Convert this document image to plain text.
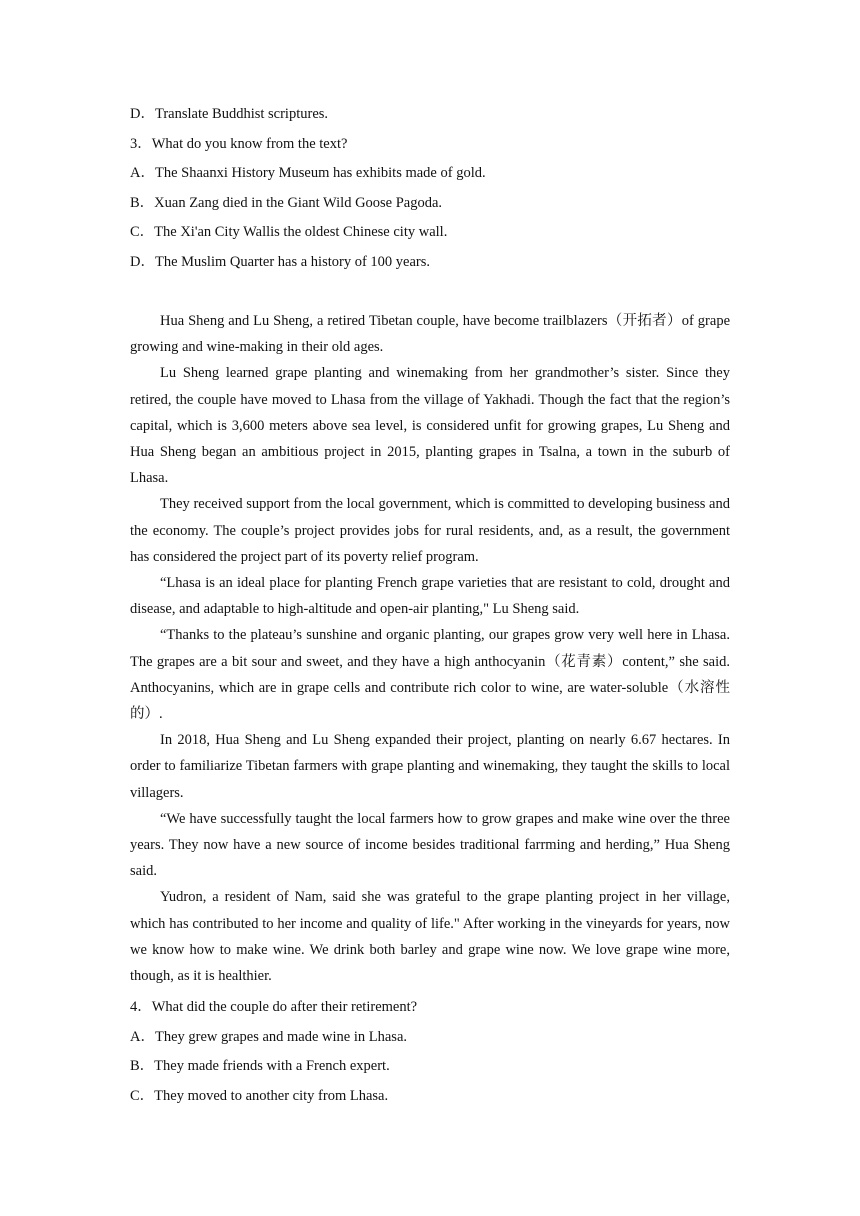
D．Translate Buddhist scriptures.
3．What do you know from the text?
A．The Shaanxi History Museum has exhibits made of gold.
B．Xuan Zang died in the Giant Wild Goose Pagoda.
C．The Xi'an City Wallis the oldest Chinese city wall.
D．The Muslim Quarter has a history of 100 years.

Hua Sheng and Lu Sheng, a retired Tibetan couple, have become trailblazers（开拓者）of grape growing and wine-making in their old ages.

Lu Sheng learned grape planting and winemaking from her grandmother’s sister. Since they retired, the couple have moved to Lhasa from the village of Yakhadi. Though the fact that the region’s capital, which is 3,600 meters above sea level, is considered unfit for growing grapes, Lu Sheng and Hua Sheng began an ambitious project in 2015, planting grapes in Tsalna, a town in the suburb of Lhasa.

They received support from the local government, which is committed to developing business and the economy. The couple’s project provides jobs for rural residents, and, as a result, the government has considered the project part of its poverty relief program.

“Lhasa is an ideal place for planting French grape varieties that are resistant to cold, drought and disease, and adaptable to high-altitude and open-air planting," Lu Sheng said.

“Thanks to the plateau’s sunshine and organic planting, our grapes grow very well here in Lhasa. The grapes are a bit sour and sweet, and they have a high anthocyanin（花青素）content,” she said. Anthocyanins, which are in grape cells and contribute rich color to wine, are water-soluble（水溶性的）.

In 2018, Hua Sheng and Lu Sheng expanded their project, planting on nearly 6.67 hectares. In order to familiarize Tibetan farmers with grape planting and winemaking, they taught the skills to local villagers.

“We have successfully taught the local farmers how to grow grapes and make wine over the three years. They now have a new source of income besides traditional farrming and herding,” Hua Sheng said.

Yudron, a resident of Nam, said she was grateful to the grape planting project in her village, which has contributed to her income and quality of life." After working in the vineyards for years, now we know how to make wine. We drink both barley and grape wine now. We love grape wine more, though, as it is healthier.

4．What did the couple do after their retirement?
A．They grew grapes and made wine in Lhasa.
B．They made friends with a French expert.
C．They moved to another city from Lhasa.
